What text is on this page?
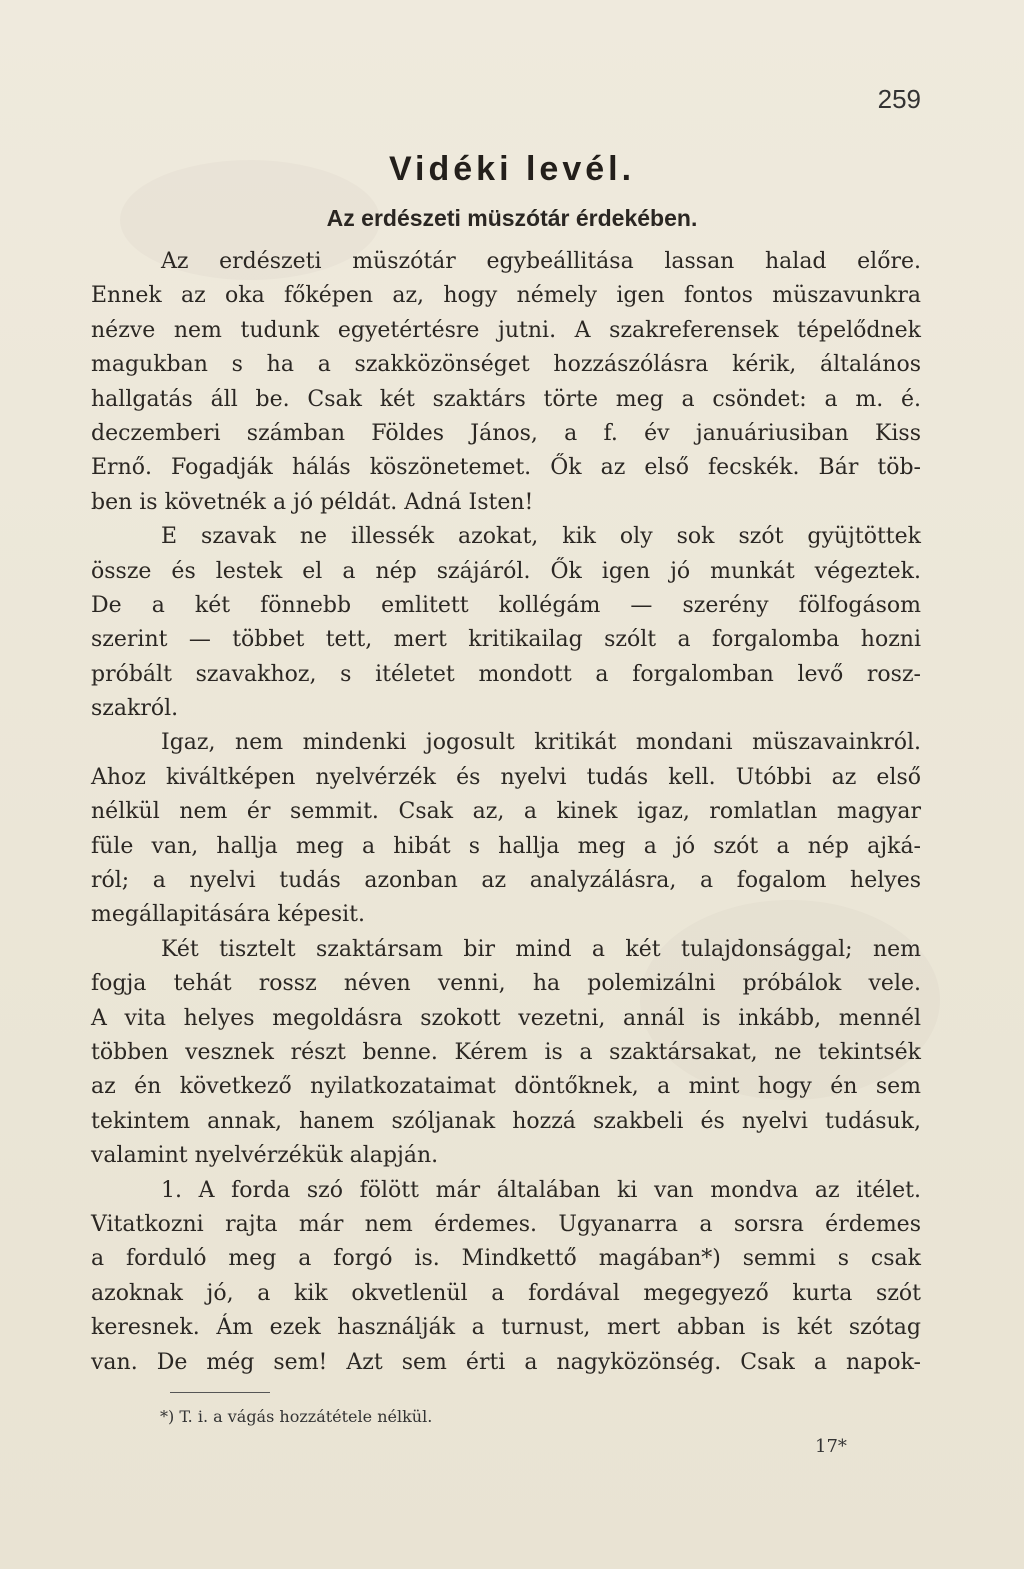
259
Vidéki levél.
Az erdészeti müszótár érdekében.
Az erdészeti müszótár egybeállitása lassan halad előre.
Ennek az oka főképen az, hogy némely igen fontos müszavunkra
nézve nem tudunk egyetértésre jutni. A szakreferensek tépelődnek
magukban s ha a szakközönséget hozzászólásra kérik, általános
hallgatás áll be. Csak két szaktárs törte meg a csöndet: a m. é.
deczemberi számban Földes János, a f. év januáriusiban Kiss
Ernő. Fogadják hálás köszönetemet. Ők az első fecskék. Bár töb-
ben is követnék a jó példát. Adná Isten!
E szavak ne illessék azokat, kik oly sok szót gyüjtöttek
össze és lestek el a nép szájáról. Ők igen jó munkát végeztek.
De a két fönnebb emlitett kollégám — szerény fölfogásom
szerint — többet tett, mert kritikailag szólt a forgalomba hozni
próbált szavakhoz, s itéletet mondott a forgalomban levő rosz-
szakról.
Igaz, nem mindenki jogosult kritikát mondani müszavainkról.
Ahoz kiváltképen nyelvérzék és nyelvi tudás kell. Utóbbi az első
nélkül nem ér semmit. Csak az, a kinek igaz, romlatlan magyar
füle van, hallja meg a hibát s hallja meg a jó szót a nép ajká-
ról; a nyelvi tudás azonban az analyzálásra, a fogalom helyes
megállapitására képesit.
Két tisztelt szaktársam bir mind a két tulajdonsággal; nem
fogja tehát rossz néven venni, ha polemizálni próbálok vele.
A vita helyes megoldásra szokott vezetni, annál is inkább, mennél
többen vesznek részt benne. Kérem is a szaktársakat, ne tekintsék
az én következő nyilatkozataimat döntőknek, a mint hogy én sem
tekintem annak, hanem szóljanak hozzá szakbeli és nyelvi tudásuk,
valamint nyelvérzékük alapján.
1. A forda szó fölött már általában ki van mondva az itélet.
Vitatkozni rajta már nem érdemes. Ugyanarra a sorsra érdemes
a forduló meg a forgó is. Mindkettő magában*) semmi s csak
azoknak jó, a kik okvetlenül a fordával megegyező kurta szót
keresnek. Ám ezek használják a turnust, mert abban is két szótag
van. De még sem! Azt sem érti a nagyközönség. Csak a napok-
*) T. i. a vágás hozzátétele nélkül.
17*
